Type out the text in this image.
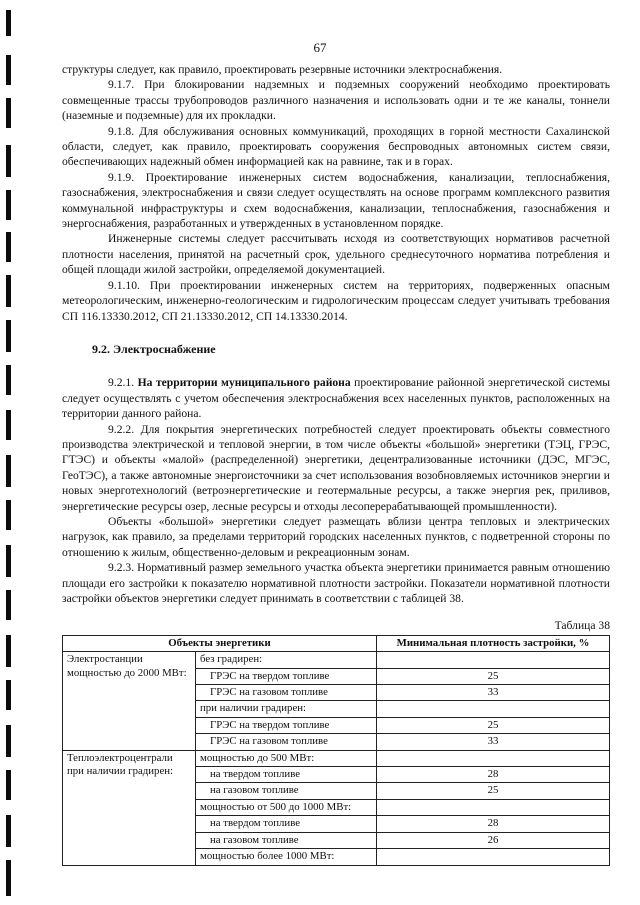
67

структуры следует, как правило, проектировать резервные источники электроснабжения.

9.1.7. При блокировании надземных и подземных сооружений необходимо проектировать совмещенные трассы трубопроводов различного назначения и использовать одни и те же каналы, тоннели (наземные и подземные) для их прокладки.

9.1.8. Для обслуживания основных коммуникаций, проходящих в горной местности Сахалинской области, следует, как правило, проектировать сооружения беспроводных автономных систем связи, обеспечивающих надежный обмен информацией как на равнине, так и в горах.

9.1.9. Проектирование инженерных систем водоснабжения, канализации, теплоснабжения, газоснабжения, электроснабжения и связи следует осуществлять на основе программ комплексного развития коммунальной инфраструктуры и схем водоснабжения, канализации, теплоснабжения, газоснабжения и энергоснабжения, разработанных и утвержденных в установленном порядке.

Инженерные системы следует рассчитывать исходя из соответствующих нормативов расчетной плотности населения, принятой на расчетный срок, удельного среднесуточного норматива потребления и общей площади жилой застройки, определяемой документацией.

9.1.10. При проектировании инженерных систем на территориях, подверженных опасным метеорологическим, инженерно-геологическим и гидрологическим процессам следует учитывать требования СП 116.13330.2012, СП 21.13330.2012, СП 14.13330.2014.

9.2. Электроснабжение

9.2.1. На территории муниципального района проектирование районной энергетической системы следует осуществлять с учетом обеспечения электроснабжения всех населенных пунктов, расположенных на территории данного района.

9.2.2. Для покрытия энергетических потребностей следует проектировать объекты совместного производства электрической и тепловой энергии, в том числе объекты «большой» энергетики (ТЭЦ, ГРЭС, ГТЭС) и объекты «малой» (распределенной) энергетики, децентрализованные источники (ДЭС, МГЭС, ГеоТЭС), а также автономные энергоисточники за счет использования возобновляемых источников энергии и новых энерготехнологий (ветроэнергетические и геотермальные ресурсы, а также энергия рек, приливов, энергетические ресурсы озер, лесные ресурсы и отходы лесоперерабатывающей промышленности).

Объекты «большой» энергетики следует размещать вблизи центра тепловых и электрических нагрузок, как правило, за пределами территорий городских населенных пунктов, с подветренной стороны по отношению к жилым, общественно-деловым и рекреационным зонам.

9.2.3. Нормативный размер земельного участка объекта энергетики принимается равным отношению площади его застройки к показателю нормативной плотности застройки. Показатели нормативной плотности застройки объектов энергетики следует принимать в соответствии с таблицей 38.

Таблица 38
Объекты энергетики		Минимальная плотность застройки, %
Электростанции мощностью до 2000 МВт:	без градирен:	
	ГРЭС на твердом топливе	25
	ГРЭС на газовом топливе	33
	при наличии градирен:	
	ГРЭС на твердом топливе	25
	ГРЭС на газовом топливе	33
Теплоэлектроцентрали при наличии градирен:	мощностью до 500 МВт:	
	на твердом топливе	28
	на газовом топливе	25
	мощностью от 500 до 1000 МВт:	
	на твердом топливе	28
	на газовом топливе	26
	мощностью более 1000 МВт:	
